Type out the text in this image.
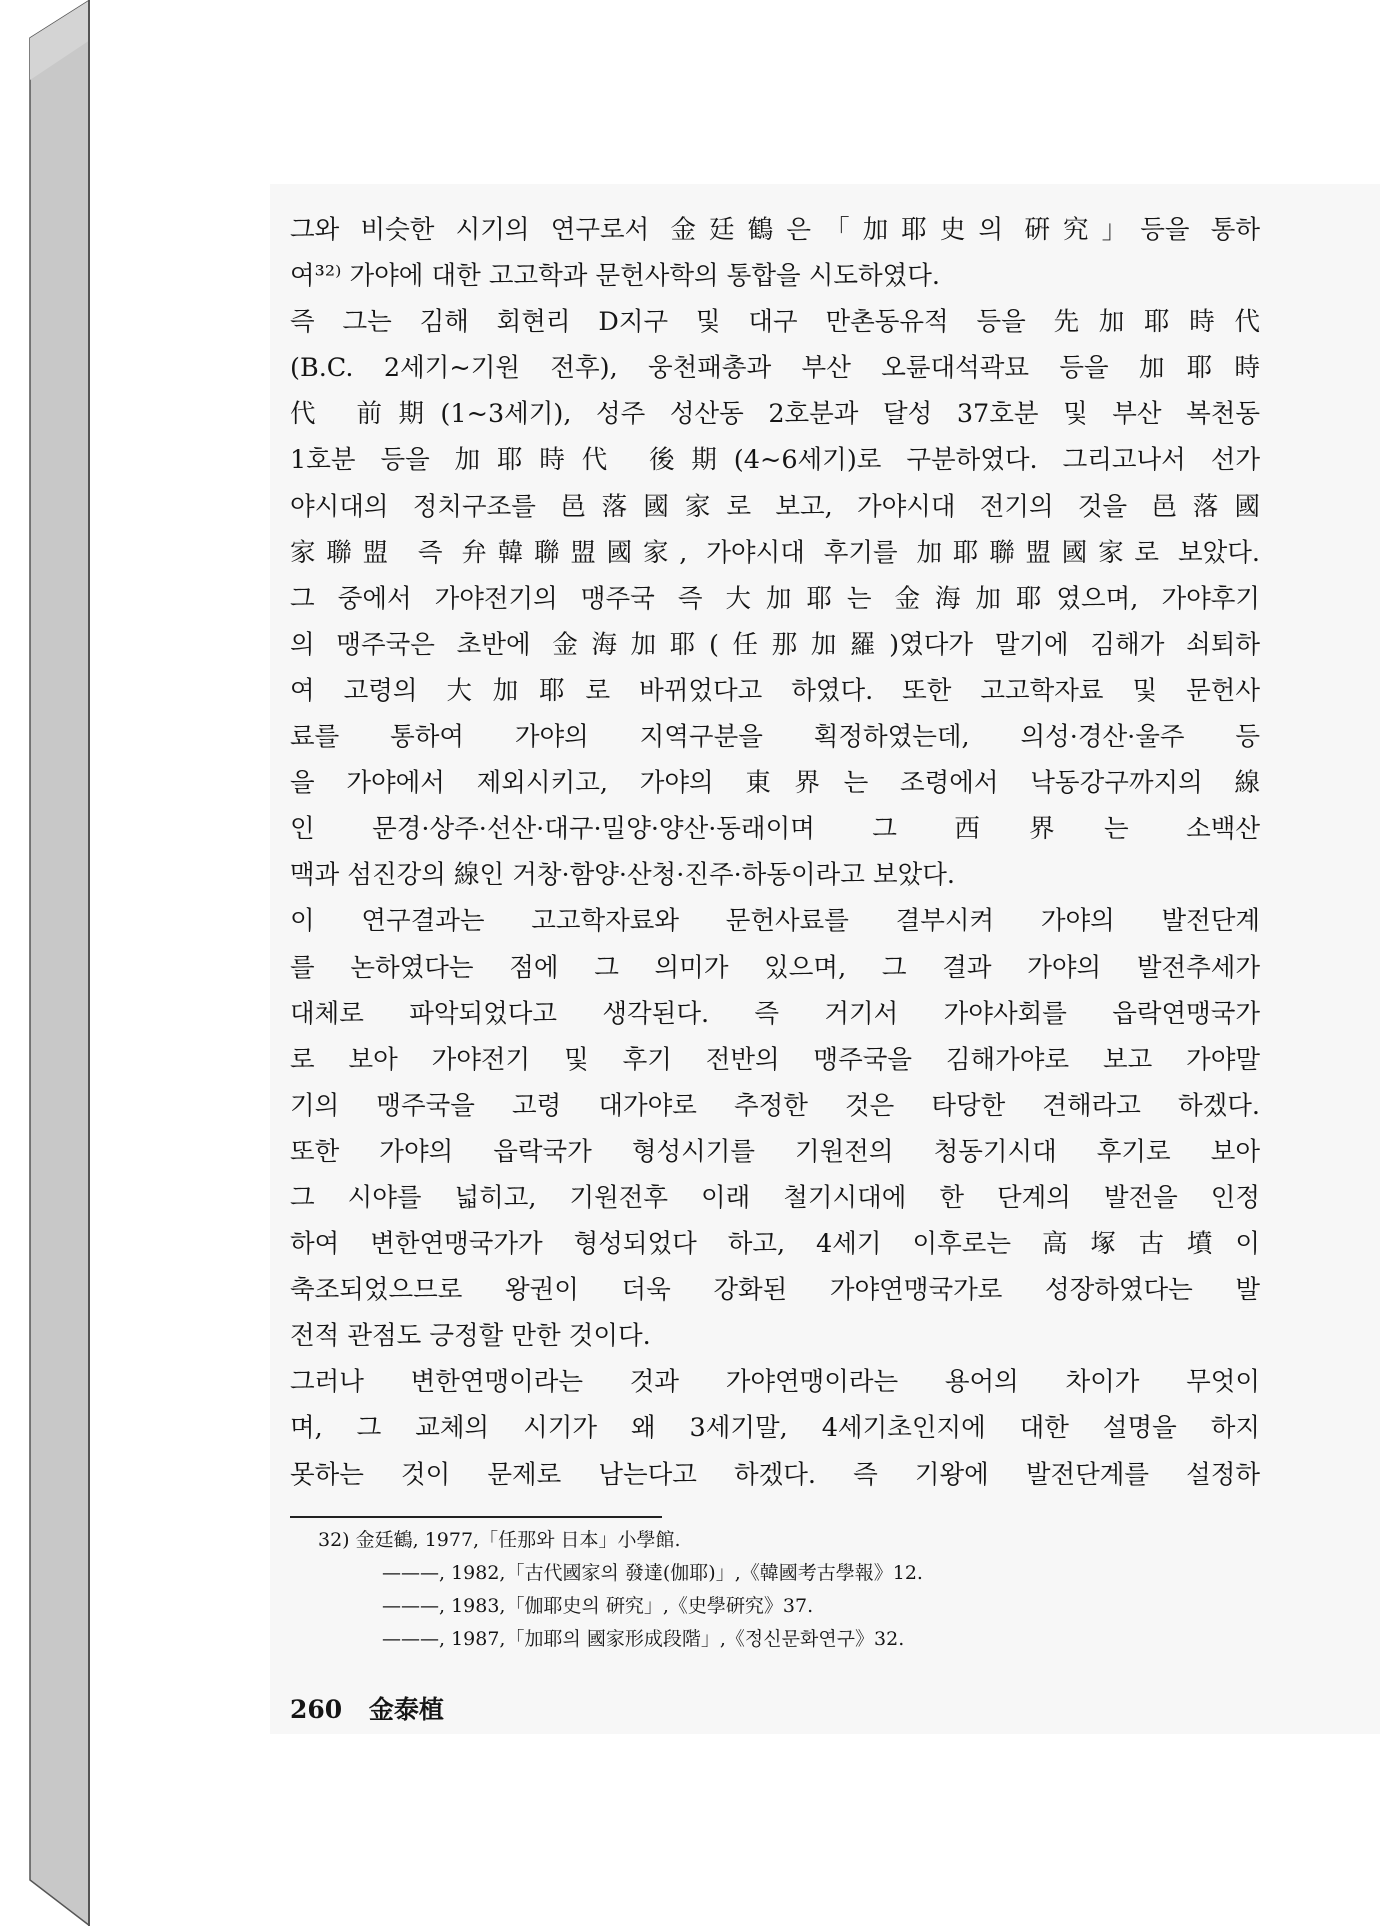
그와 비슷한 시기의 연구로서 金廷鶴은「加耶史의 硏究」등을 통하
여³²⁾ 가야에 대한 고고학과 문헌사학의 통합을 시도하였다.
즉 그는 김해 회현리 D지구 및 대구 만촌동유적 등을 先加耶時代
(B.C. 2세기~기원 전후), 웅천패총과 부산 오륜대석곽묘 등을 加耶時
代 前期(1~3세기), 성주 성산동 2호분과 달성 37호분 및 부산 복천동
1호분 등을 加耶時代 後期(4~6세기)로 구분하였다. 그리고나서 선가
야시대의 정치구조를 邑落國家로 보고, 가야시대 전기의 것을 邑落國
家聯盟 즉 弁韓聯盟國家, 가야시대 후기를 加耶聯盟國家로 보았다.
그 중에서 가야전기의 맹주국 즉 大加耶는 金海加耶였으며, 가야후기
의 맹주국은 초반에 金海加耶(任那加羅)였다가 말기에 김해가 쇠퇴하
여 고령의 大加耶로 바뀌었다고 하였다. 또한 고고학자료 및 문헌사
료를 통하여 가야의 지역구분을 획정하였는데, 의성·경산·울주 등
을 가야에서 제외시키고, 가야의 東界는 조령에서 낙동강구까지의 線
인 문경·상주·선산·대구·밀양·양산·동래이며 그 西界는 소백산
맥과 섬진강의 線인 거창·함양·산청·진주·하동이라고 보았다.
이 연구결과는 고고학자료와 문헌사료를 결부시켜 가야의 발전단계
를 논하였다는 점에 그 의미가 있으며, 그 결과 가야의 발전추세가
대체로 파악되었다고 생각된다. 즉 거기서 가야사회를 읍락연맹국가
로 보아 가야전기 및 후기 전반의 맹주국을 김해가야로 보고 가야말
기의 맹주국을 고령 대가야로 추정한 것은 타당한 견해라고 하겠다.
또한 가야의 읍락국가 형성시기를 기원전의 청동기시대 후기로 보아
그 시야를 넓히고, 기원전후 이래 철기시대에 한 단계의 발전을 인정
하여 변한연맹국가가 형성되었다 하고, 4세기 이후로는 高塚古墳이
축조되었으므로 왕권이 더욱 강화된 가야연맹국가로 성장하였다는 발
전적 관점도 긍정할 만한 것이다.
그러나 변한연맹이라는 것과 가야연맹이라는 용어의 차이가 무엇이
며, 그 교체의 시기가 왜 3세기말, 4세기초인지에 대한 설명을 하지
못하는 것이 문제로 남는다고 하겠다. 즉 기왕에 발전단계를 설정하
32) 金廷鶴, 1977,「任那와 日本」小學館.
———, 1982,「古代國家의 發達(伽耶)」,《韓國考古學報》12.
———, 1983,「伽耶史의 硏究」,《史學硏究》37.
———, 1987,「加耶의 國家形成段階」,《정신문화연구》32.
260 金泰植
